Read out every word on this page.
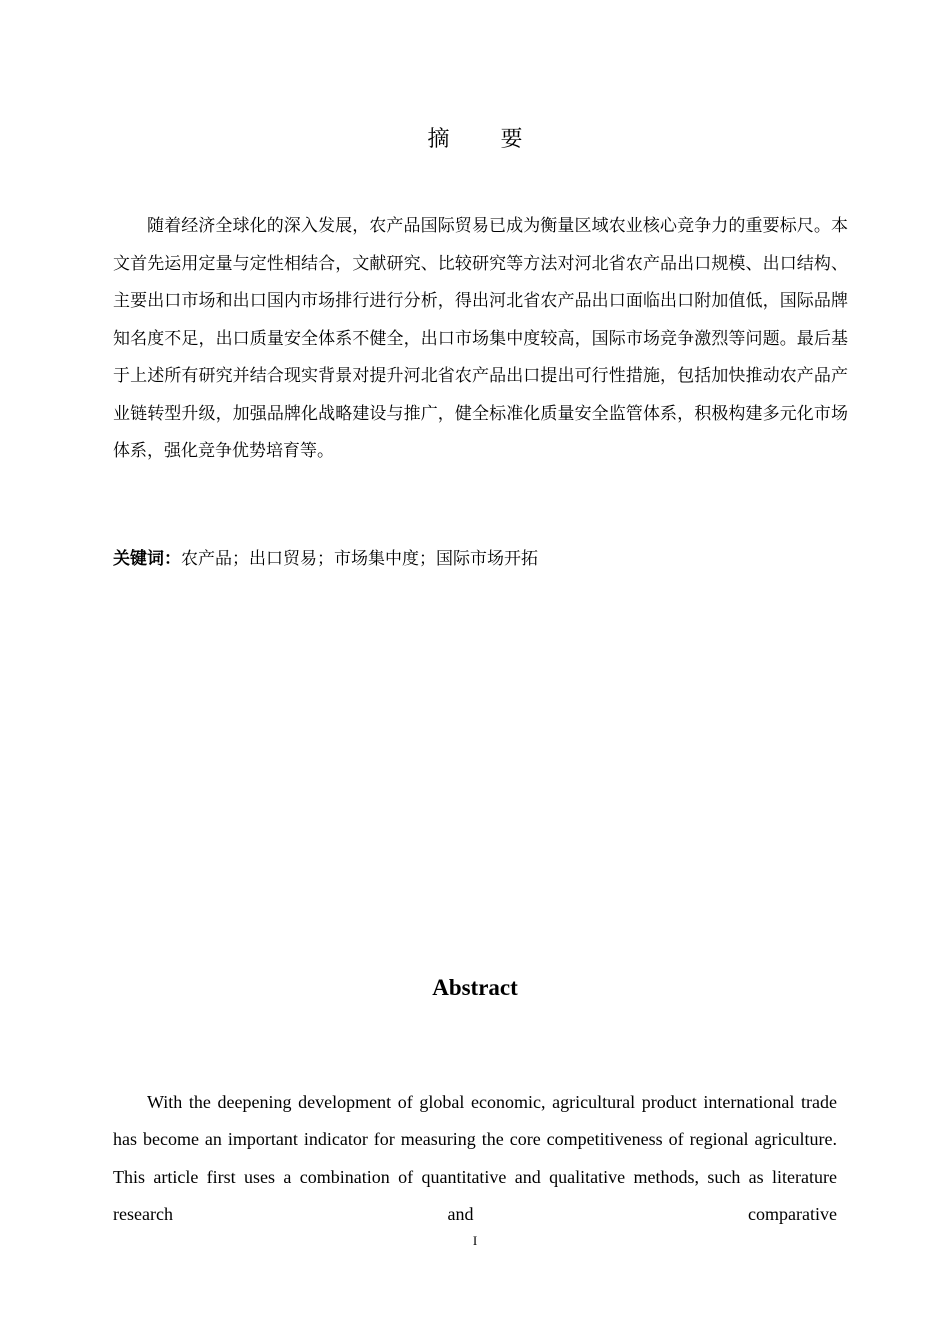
摘 要

随着经济全球化的深入发展，农产品国际贸易已成为衡量区域农业核心竞争力的重要标尺。本文首先运用定量与定性相结合，文献研究、比较研究等方法对河北省农产品出口规模、出口结构、主要出口市场和出口国内市场排行进行分析，得出河北省农产品出口面临出口附加值低，国际品牌知名度不足，出口质量安全体系不健全，出口市场集中度较高，国际市场竞争激烈等问题。最后基于上述所有研究并结合现实背景对提升河北省农产品出口提出可行性措施，包括加快推动农产品产业链转型升级，加强品牌化战略建设与推广，健全标准化质量安全监管体系，积极构建多元化市场体系，强化竞争优势培育等。

关键词：农产品；出口贸易；市场集中度；国际市场开拓

Abstract

With the deepening development of global economic, agricultural product international trade has become an important indicator for measuring the core competitiveness of regional agriculture. This article first uses a combination of quantitative and qualitative methods, such as literature research and comparative

I
